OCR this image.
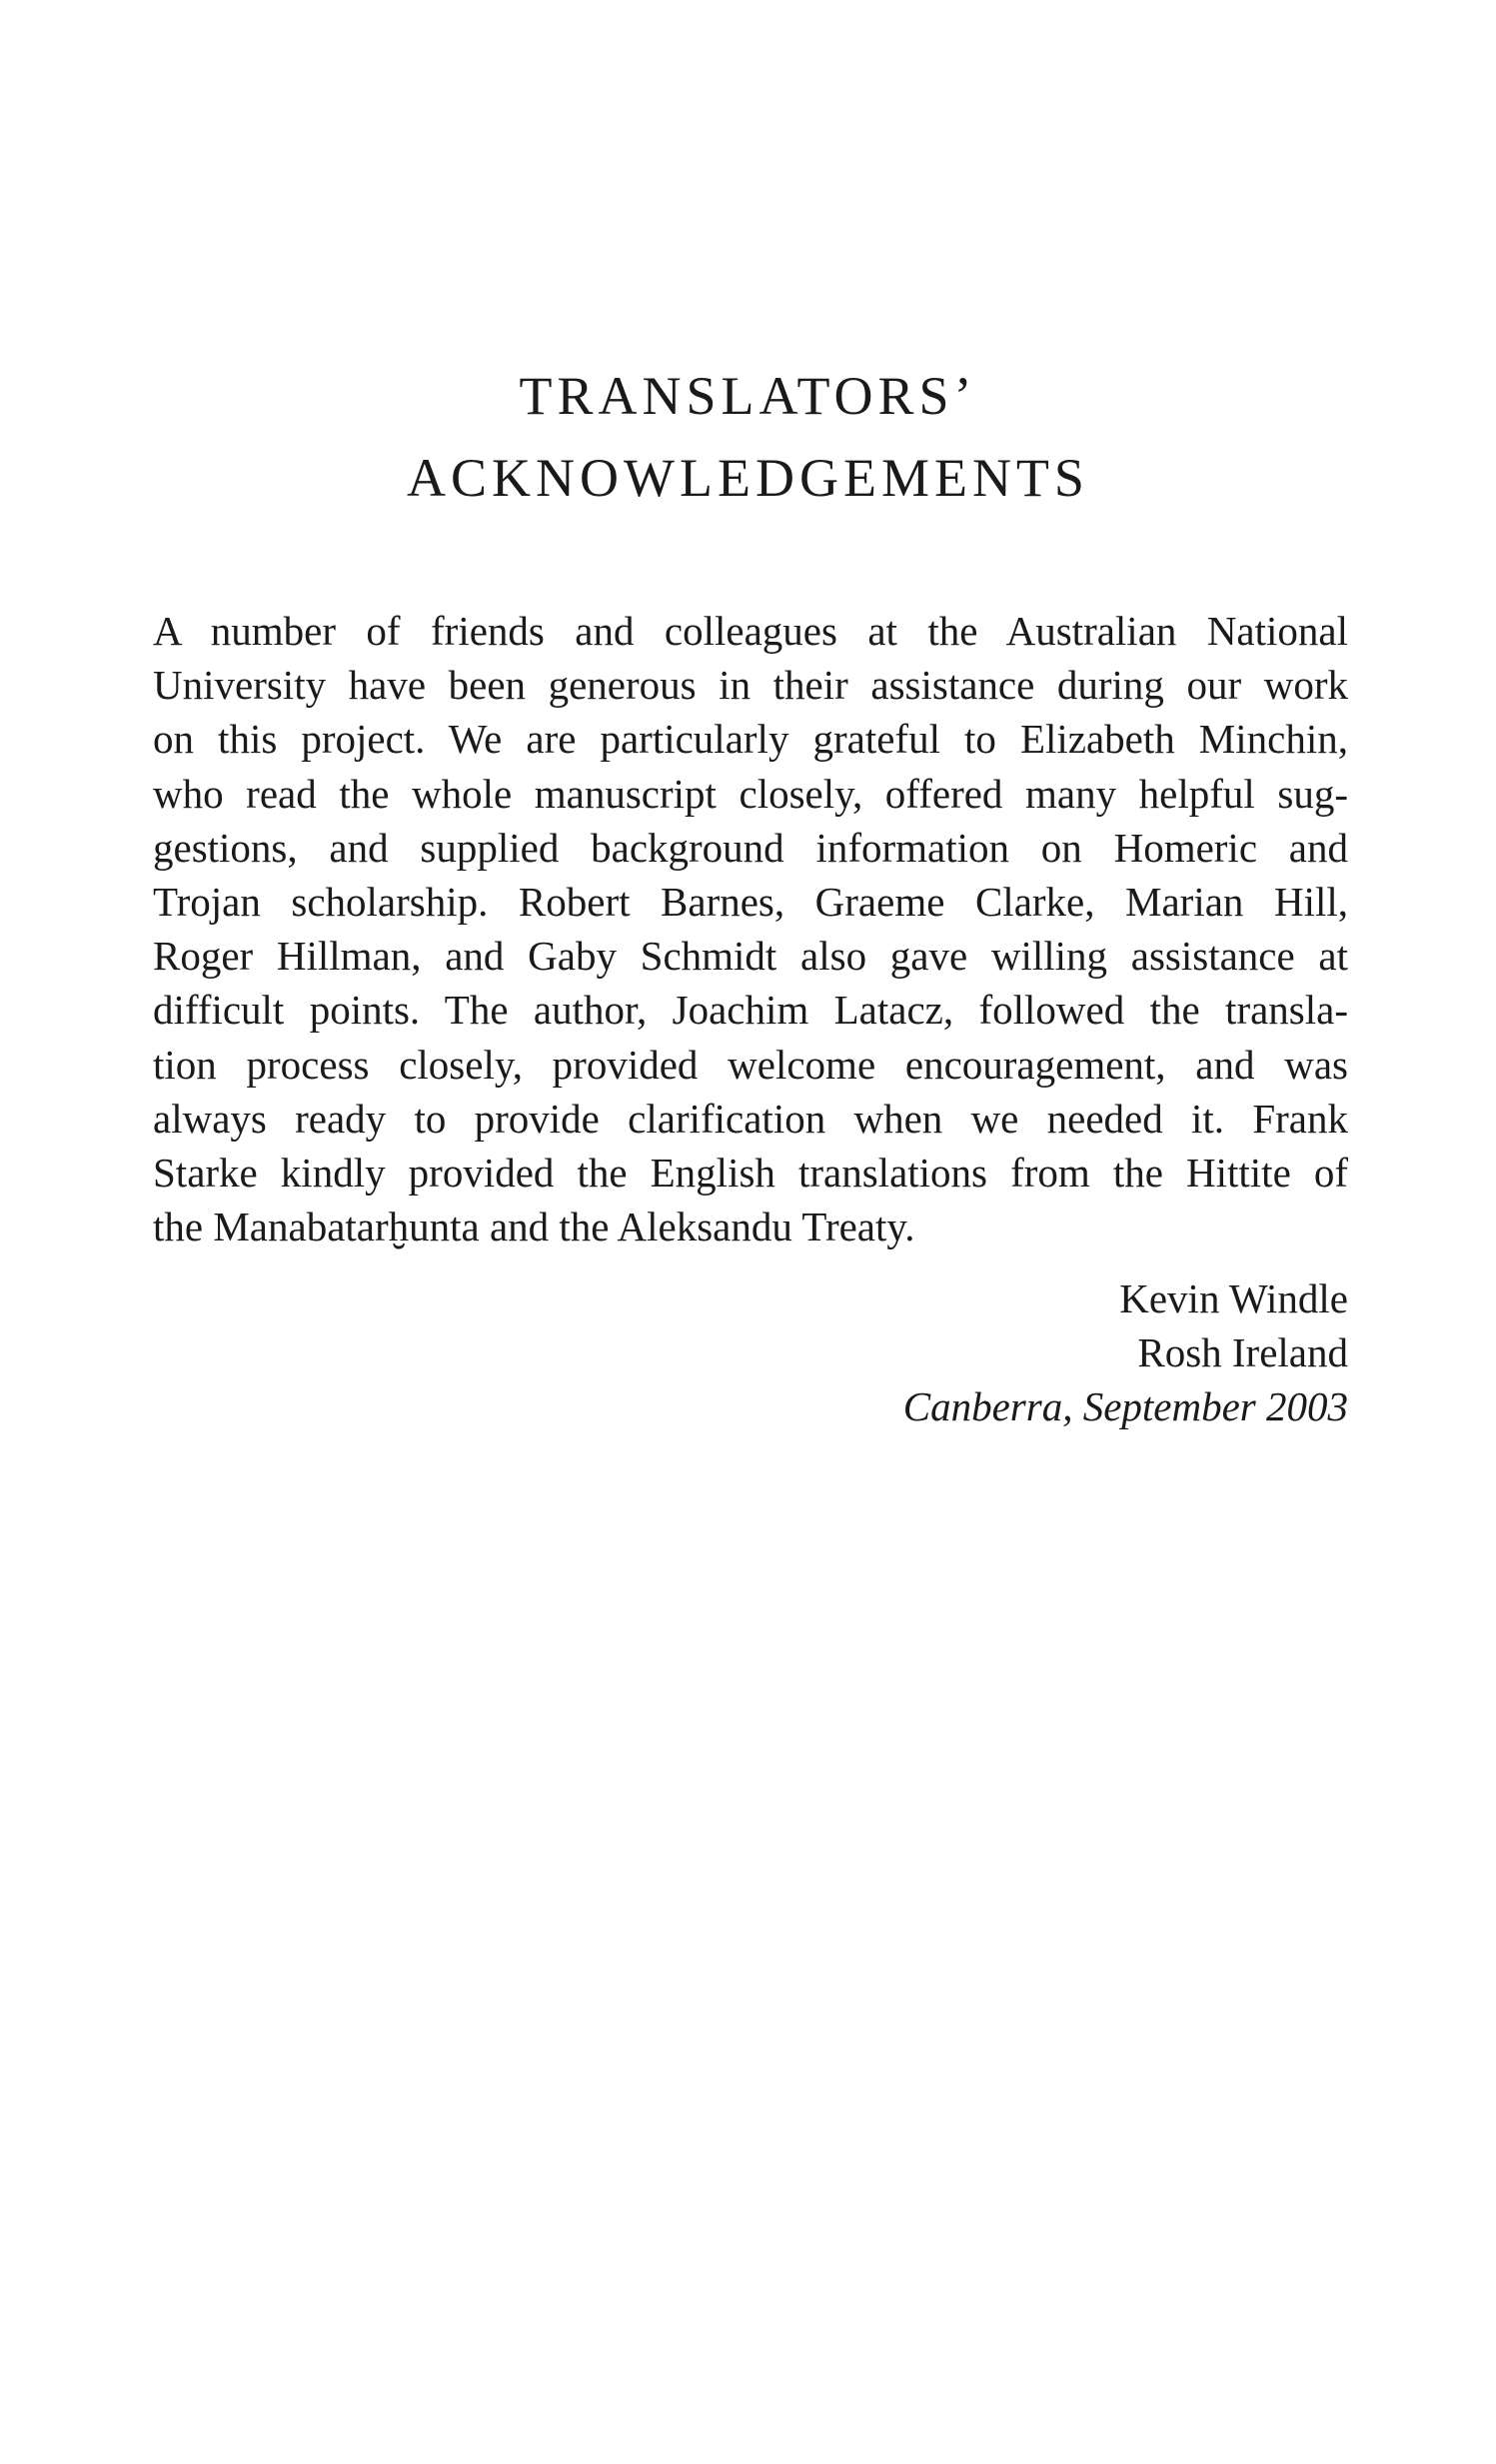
TRANSLATORS’
ACKNOWLEDGEMENTS
A number of friends and colleagues at the Australian National
University have been generous in their assistance during our work
on this project. We are particularly grateful to Elizabeth Minchin,
who read the whole manuscript closely, offered many helpful sug-
gestions, and supplied background information on Homeric and
Trojan scholarship. Robert Barnes, Graeme Clarke, Marian Hill,
Roger Hillman, and Gaby Schmidt also gave willing assistance at
difficult points. The author, Joachim Latacz, followed the transla-
tion process closely, provided welcome encouragement, and was
always ready to provide clarification when we needed it. Frank
Starke kindly provided the English translations from the Hittite of
the Manabatarḫunta and the Aleksandu Treaty.

Kevin Windle

Rosh Ireland

Canberra, September 2003
